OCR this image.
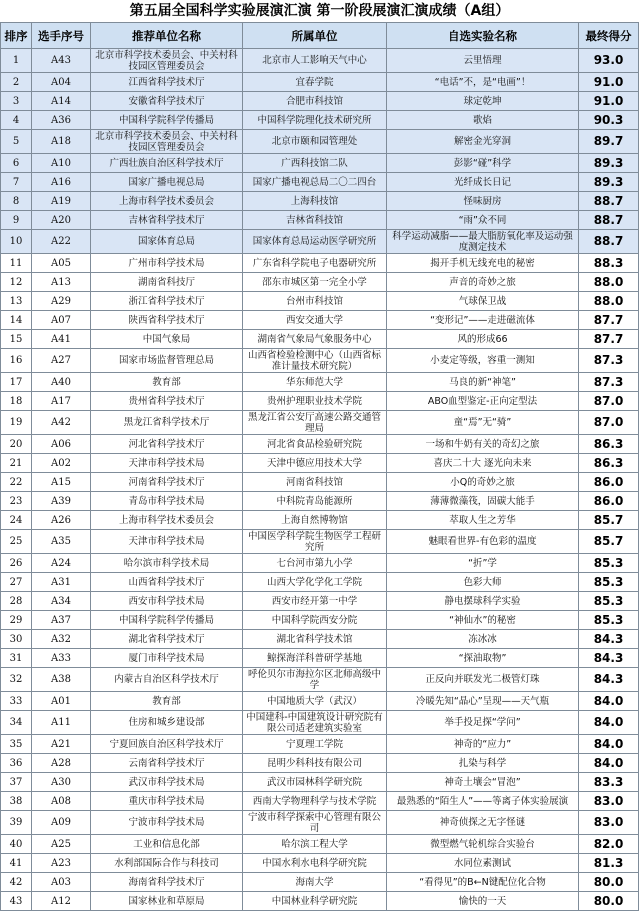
第五届全国科学实验展演汇演 第一阶段展演汇演成绩（A组）
排序	选手序号	推荐单位名称	所属单位	自选实验名称	最终得分
1	A43	北京市科学技术委员会、中关村科技园区管理委员会	北京市人工影响天气中心	云里悟理	93.0
2	A04	江西省科学技术厅	宜春学院	“电话”不，是“电画”！	91.0
3	A14	安徽省科学技术厅	合肥市科技馆	球定乾坤	91.0
4	A36	中国科学院科学传播局	中国科学院理化技术研究所	歌焰	90.3
5	A18	北京市科学技术委员会、中关村科技园区管理委员会	北京市颐和园管理处	解密金光穿洞	89.7
6	A10	广西壮族自治区科学技术厅	广西科技馆二队	彭影“碰”科学	89.3
7	A16	国家广播电视总局	国家广播电视总局二〇二四台	光纤成长日记	89.3
8	A19	上海市科学技术委员会	上海科技馆	怪味厨房	88.7
9	A20	吉林省科学技术厅	吉林省科技馆	“雨”众不同	88.7
10	A22	国家体育总局	国家体育总局运动医学研究所	科学运动减脂——最大脂肪氧化率及运动强度测定技术	88.7
11	A05	广州市科学技术局	广东省科学院电子电器研究所	揭开手机无线充电的秘密	88.3
12	A13	湖南省科技厅	邵东市城区第一完全小学	声音的奇妙之旅	88.0
13	A29	浙江省科学技术厅	台州市科技馆	气球保卫战	88.0
14	A07	陕西省科学技术厅	西安交通大学	“变形记”——走进磁流体	87.7
15	A41	中国气象局	湖南省气象局气象服务中心	风的形成66	87.7
16	A27	国家市场监督管理总局	山西省检验检测中心（山西省标准计量技术研究院）	小麦定等级，容重一测知	87.3
17	A40	教育部	华东师范大学	马良的新“神笔”	87.3
18	A17	贵州省科学技术厅	贵州护理职业技术学院	ABO血型鉴定-正向定型法	87.0
19	A42	黑龙江省科学技术厅	黑龙江省公安厅高速公路交通管理局	童“焉”无“骑”	87.0
20	A06	河北省科学技术厅	河北省食品检验研究院	一场和牛奶有关的奇幻之旅	86.3
21	A02	天津市科学技术局	天津中德应用技术大学	喜庆二十大 逐光向未来	86.3
22	A15	河南省科学技术厅	河南省科技馆	小Q的奇妙之旅	86.0
23	A39	青岛市科学技术局	中科院青岛能源所	薄薄微藻筏，固碳大能手	86.0
24	A26	上海市科学技术委员会	上海自然博物馆	萃取人生之芳华	85.7
25	A35	天津市科学技术局	中国医学科学院生物医学工程研究所	魅眼看世界-有色彩的温度	85.7
26	A24	哈尔滨市科学技术局	七台河市第九小学	“折”学	85.3
27	A31	山西省科学技术厅	山西大学化学化工学院	色彩大师	85.3
28	A34	西安市科学技术局	西安市经开第一中学	静电摆球科学实验	85.3
29	A37	中国科学院科学传播局	中国科学院西安分院	“神仙水”的秘密	85.3
30	A32	湖北省科学技术厅	湖北省科学技术馆	冻冰冰	84.3
31	A33	厦门市科学技术局	鲸探海洋科普研学基地	“探油取物”	84.3
32	A38	内蒙古自治区科学技术厅	呼伦贝尔市海拉尔区北师高级中学	正反向并联发光二极管灯珠	84.3
33	A01	教育部	中国地质大学（武汉）	冷暖先知“晶心”呈现——天气瓶	84.0
34	A11	住房和城乡建设部	中国建科-中国建筑设计研究院有限公司适老建筑实验室	举手投足探“学问”	84.0
35	A21	宁夏回族自治区科学技术厅	宁夏理工学院	神奇的“应力”	84.0
36	A28	云南省科学技术厅	昆明少科科技有限公司	扎染与科学	84.0
37	A30	武汉市科学技术局	武汉市园林科学研究院	神奇土壤会“冒泡”	83.3
38	A08	重庆市科学技术局	西南大学物理科学与技术学院	最熟悉的“陌生人”——等离子体实验展演	83.0
39	A09	宁波市科学技术局	宁波市科学探索中心管理有限公司	神奇侦探之无字怪谜	83.0
40	A25	工业和信息化部	哈尔滨工程大学	微型燃气轮机综合实验台	82.0
41	A23	水利部国际合作与科技司	中国水利水电科学研究院	水同位素测试	81.3
42	A03	海南省科学技术厅	海南大学	“看得见”的B←N键配位化合物	80.0
43	A12	国家林业和草原局	中国林业科学研究院	愉快的一天	80.0
